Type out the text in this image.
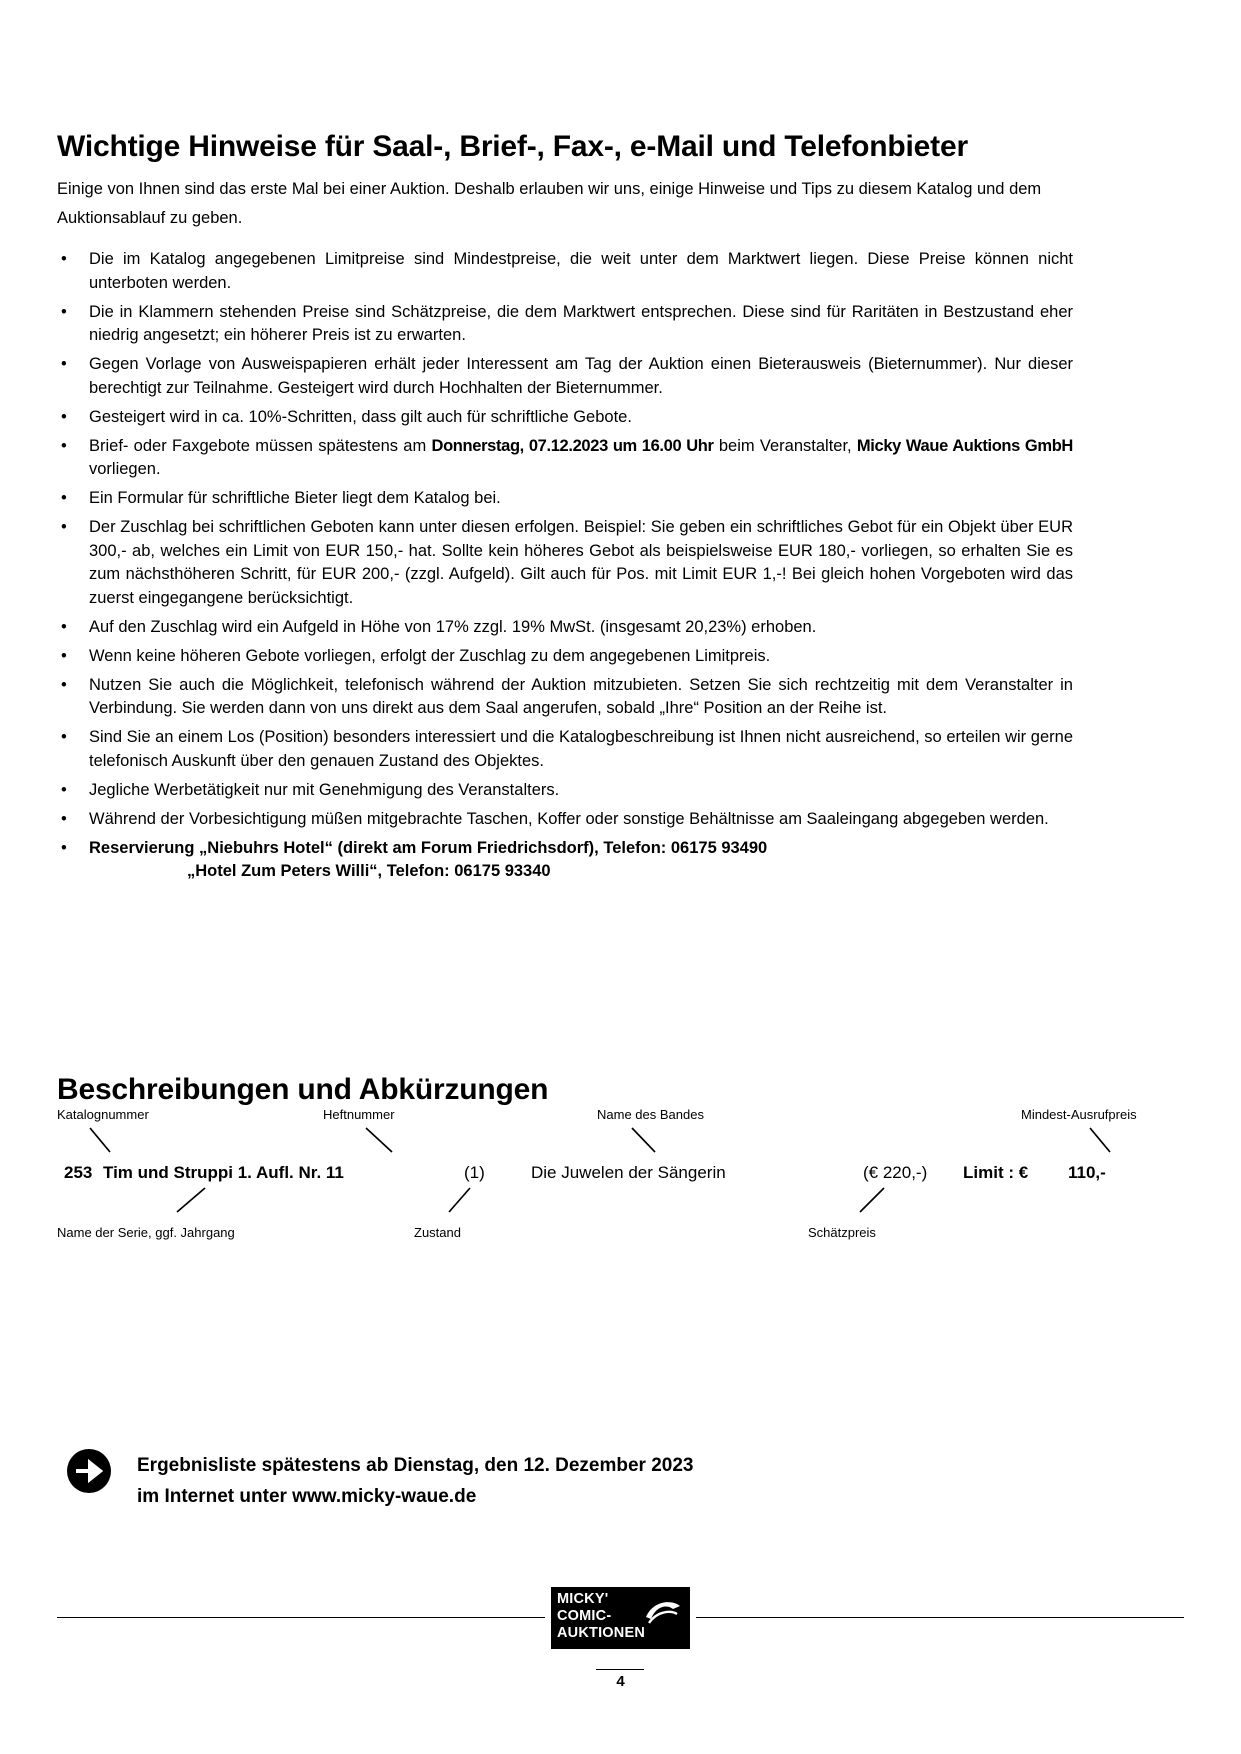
Wichtige Hinweise für Saal-, Brief-, Fax-, e-Mail und Telefonbieter
Einige von Ihnen sind das erste Mal bei einer Auktion. Deshalb erlauben wir uns, einige Hinweise und Tips zu diesem Katalog und dem Auktionsablauf zu geben.
• Die im Katalog angegebenen Limitpreise sind Mindestpreise, die weit unter dem Marktwert liegen. Diese Preise können nicht unterboten werden.
• Die in Klammern stehenden Preise sind Schätzpreise, die dem Marktwert entsprechen. Diese sind für Raritäten in Bestzustand eher niedrig angesetzt; ein höherer Preis ist zu erwarten.
• Gegen Vorlage von Ausweispapieren erhält jeder Interessent am Tag der Auktion einen Bieterausweis (Bieternummer). Nur dieser berechtigt zur Teilnahme. Gesteigert wird durch Hochhalten der Bieternummer.
• Gesteigert wird in ca. 10%-Schritten, dass gilt auch für schriftliche Gebote.
• Brief- oder Faxgebote müssen spätestens am Donnerstag, 07.12.2023 um 16.00 Uhr beim Veranstalter, Micky Waue Auktions GmbH vorliegen.
• Ein Formular für schriftliche Bieter liegt dem Katalog bei.
• Der Zuschlag bei schriftlichen Geboten kann unter diesen erfolgen. Beispiel: Sie geben ein schriftliches Gebot für ein Objekt über EUR 300,- ab, welches ein Limit von EUR 150,- hat. Sollte kein höheres Gebot als beispielsweise EUR 180,- vorliegen, so erhalten Sie es zum nächsthöheren Schritt, für EUR 200,- (zzgl. Aufgeld). Gilt auch für Pos. mit Limit EUR 1,-! Bei gleich hohen Vorgeboten wird das zuerst eingegangene berücksichtigt.
• Auf den Zuschlag wird ein Aufgeld in Höhe von 17% zzgl. 19% MwSt. (insgesamt 20,23%) erhoben.
• Wenn keine höheren Gebote vorliegen, erfolgt der Zuschlag zu dem angegebenen Limitpreis.
• Nutzen Sie auch die Möglichkeit, telefonisch während der Auktion mitzubieten. Setzen Sie sich rechtzeitig mit dem Veranstalter in Verbindung. Sie werden dann von uns direkt aus dem Saal angerufen, sobald „Ihre“ Position an der Reihe ist.
• Sind Sie an einem Los (Position) besonders interessiert und die Katalogbeschreibung ist Ihnen nicht ausreichend, so erteilen wir gerne telefonisch Auskunft über den genauen Zustand des Objektes.
• Jegliche Werbetätigkeit nur mit Genehmigung des Veranstalters.
• Während der Vorbesichtigung müßen mitgebrachte Taschen, Koffer oder sonstige Behältnisse am Saaleingang abgegeben werden.
• Reservierung „Niebuhrs Hotel“ (direkt am Forum Friedrichsdorf), Telefon: 06175 93490
„Hotel Zum Peters Willi“, Telefon: 06175 93340
Beschreibungen und Abkürzungen
Katalognummer	Heftnummer	Name des Bandes	Mindest-Ausrufpreis
Name der Serie, ggf. Jahrgang	Zustand	Schätzpreis
253 Tim und Struppi 1. Aufl. Nr. 11	(1)	Die Juwelen der Sängerin	(€ 220,-) Limit : € 110,-
Ergebnisliste spätestens ab Dienstag, den 12. Dezember 2023
im Internet unter www.micky-waue.de
MICKY'
COMIC-
AUKTIONEN
4
